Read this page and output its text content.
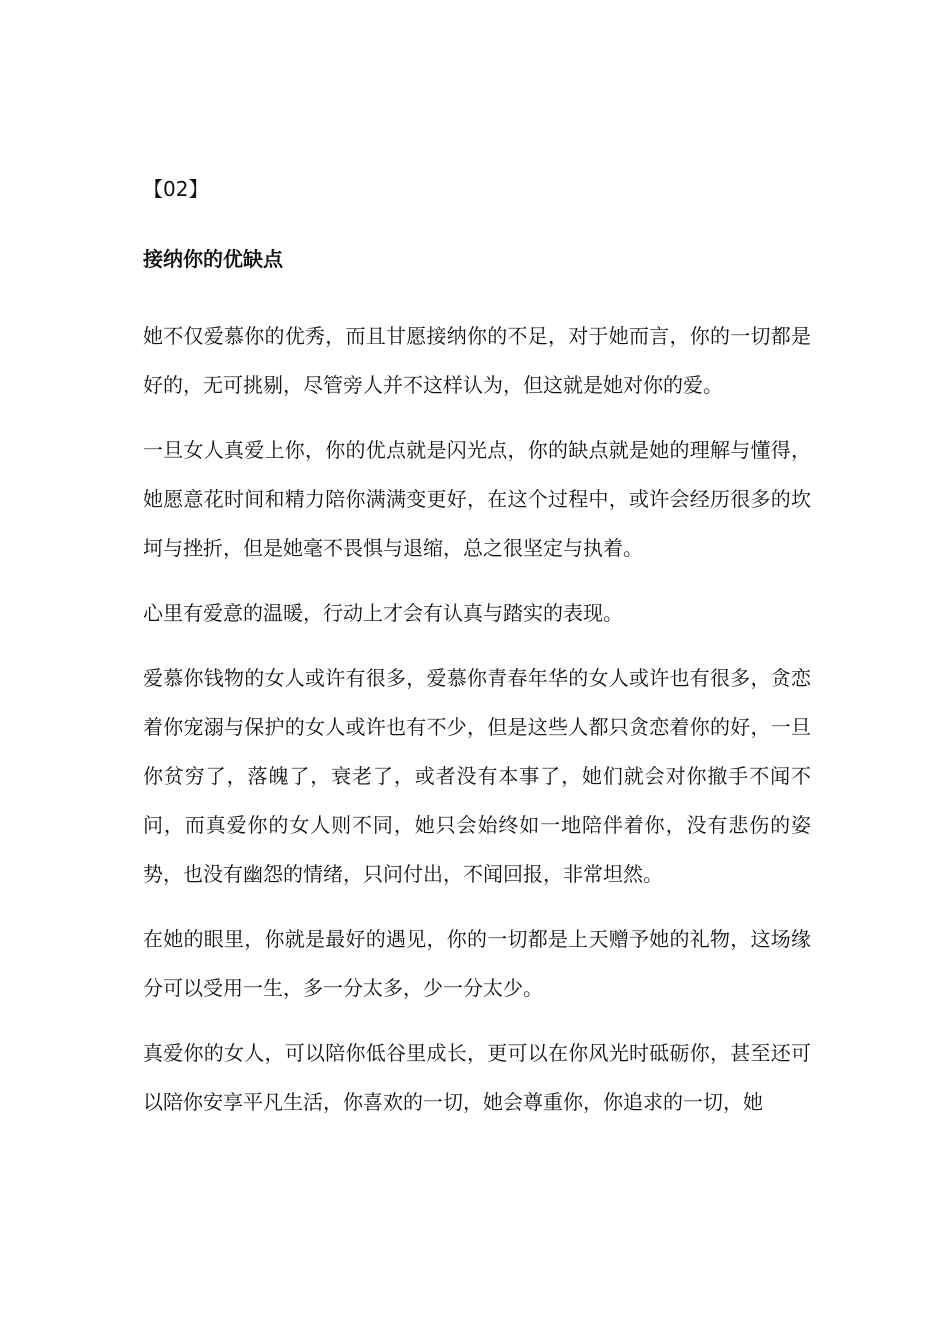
【02】
接纳你的优缺点

她不仅爱慕你的优秀，而且甘愿接纳你的不足，对于她而言，你的一切都是好的，无可挑剔，尽管旁人并不这样认为，但这就是她对你的爱。

一旦女人真爱上你，你的优点就是闪光点，你的缺点就是她的理解与懂得，她愿意花时间和精力陪你满满变更好，在这个过程中，或许会经历很多的坎坷与挫折，但是她毫不畏惧与退缩，总之很坚定与执着。

心里有爱意的温暖，行动上才会有认真与踏实的表现。

爱慕你钱物的女人或许有很多，爱慕你青春年华的女人或许也有很多，贪恋着你宠溺与保护的女人或许也有不少，但是这些人都只贪恋着你的好，一旦你贫穷了，落魄了，衰老了，或者没有本事了，她们就会对你撤手不闻不问，而真爱你的女人则不同，她只会始终如一地陪伴着你，没有悲伤的姿势，也没有幽怨的情绪，只问付出，不闻回报，非常坦然。

在她的眼里，你就是最好的遇见，你的一切都是上天赠予她的礼物，这场缘分可以受用一生，多一分太多，少一分太少。

真爱你的女人，可以陪你低谷里成长，更可以在你风光时砥砺你，甚至还可以陪你安享平凡生活，你喜欢的一切，她会尊重你，你追求的一切，她
